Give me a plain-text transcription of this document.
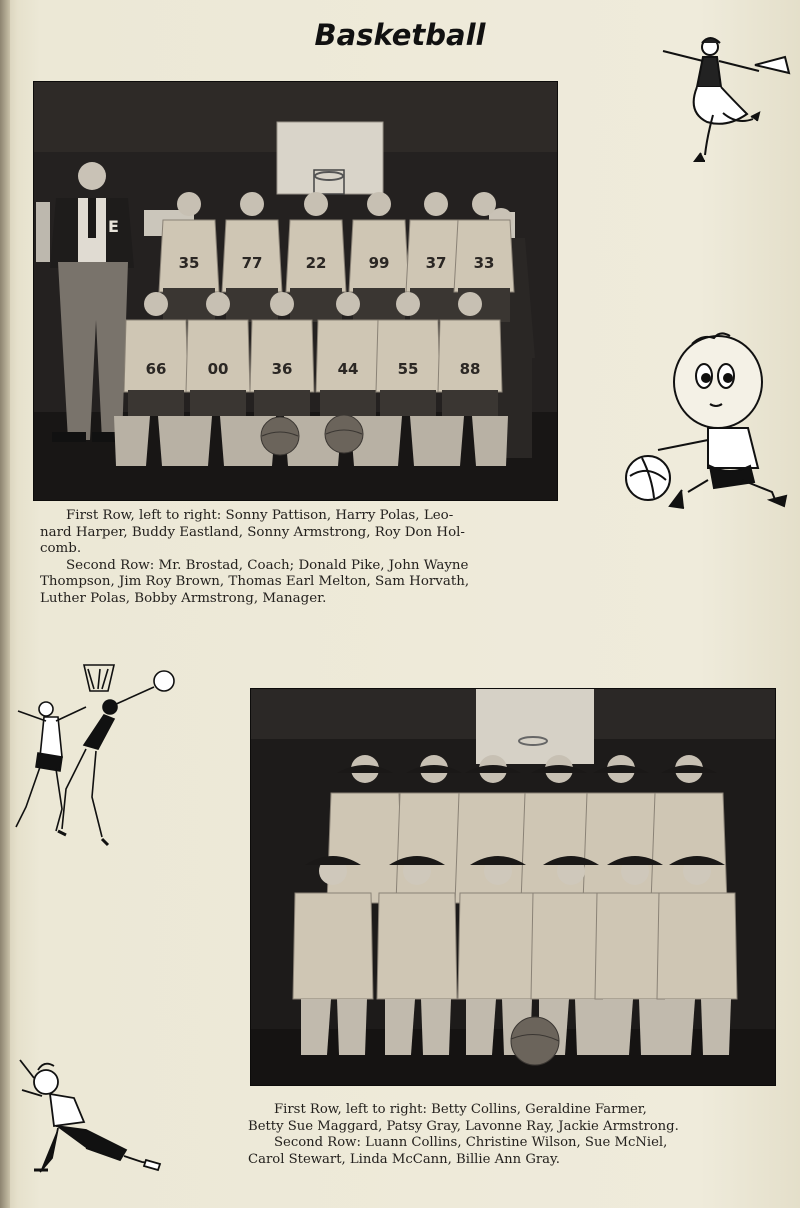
Basketball
E
35	77	22	99 37 33
66	00	36	44	55	88
First Row, left to right: Sonny Pattison, Harry Polas, Leo-
nard Harper, Buddy Eastland, Sonny Armstrong, Roy Don Hol-
comb.
Second Row: Mr. Brostad, Coach; Donald Pike, John Wayne
Thompson, Jim Roy Brown, Thomas Earl Melton, Sam Horvath,
Luther Polas, Bobby Armstrong, Manager.
First Row, left to right: Betty Collins, Geraldine Farmer,
Betty Sue Maggard, Patsy Gray, Lavonne Ray, Jackie Armstrong.
Second Row: Luann Collins, Christine Wilson, Sue McNiel,
Carol Stewart, Linda McCann, Billie Ann Gray.
